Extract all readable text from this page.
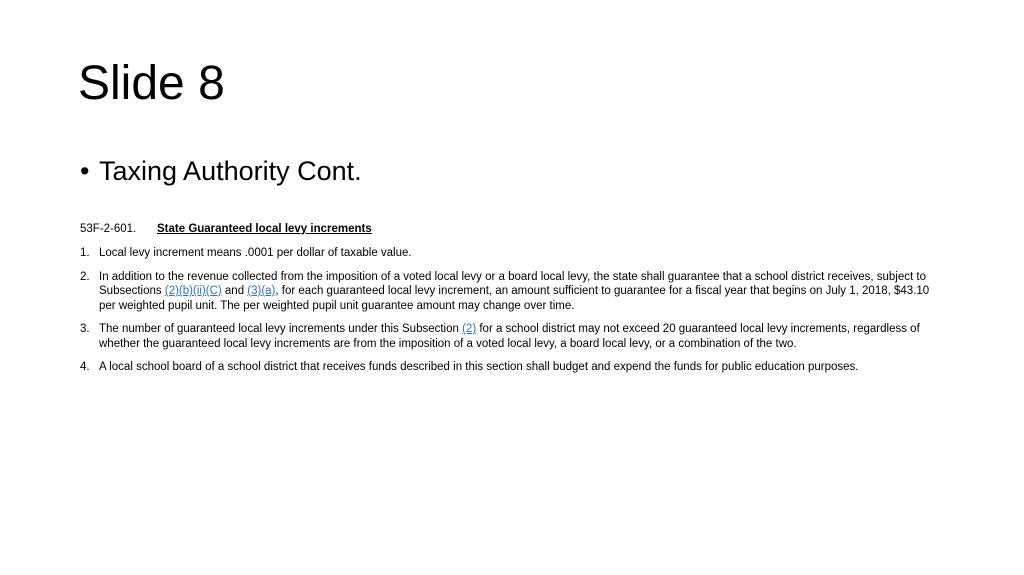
Slide 8
• Taxing Authority Cont.
53F-2-601. State Guaranteed local levy increments
1. Local levy increment means .0001 per dollar of taxable value.
2. In addition to the revenue collected from the imposition of a voted local levy or a board local levy, the state shall guarantee that a school district receives, subject to Subsections (2)(b)(ii)(C) and (3)(a), for each guaranteed local levy increment, an amount sufficient to guarantee for a fiscal year that begins on July 1, 2018, $43.10 per weighted pupil unit. The per weighted pupil unit guarantee amount may change over time.
3. The number of guaranteed local levy increments under this Subsection (2) for a school district may not exceed 20 guaranteed local levy increments, regardless of whether the guaranteed local levy increments are from the imposition of a voted local levy, a board local levy, or a combination of the two.
4. A local school board of a school district that receives funds described in this section shall budget and expend the funds for public education purposes.
